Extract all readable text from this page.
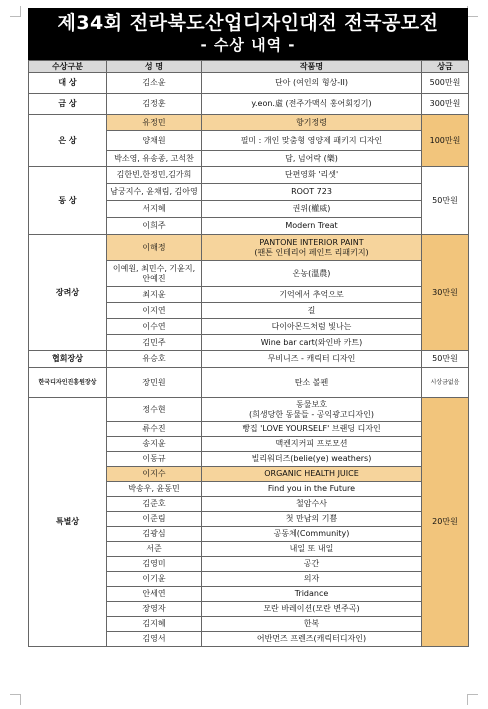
제34회 전라북도산업디자인대전 전국공모전
- 수상 내역 -
수상구분	성 명	작품명	상금
대 상	김소윤	단아 (여인의 형상-II)	500만원
금 상	김정훈	y.eon.虛 (전주가맥식 홍어회킹기)	300만원
은 상	유정민	향기정령	100만원
	양채원	필미 : 개인 맞춤형 영양제 패키지 디자인	
	박소영, 유송종, 고석찬	담, 넘어락 (樂)	
동 상	김한빈,한정민,김가희	단편영화 '리셋'	50만원
	남궁지수, 윤채림, 김아영	ROOT 723	
	서지혜	권위(權威)	
	이희주	Modern Treat	
장려상	이해정	PANTONE INTERIOR PAINT
(팬톤 인테리어 페인트 리패키지)	30만원
	이예원, 최민수, 기윤지, 안예진	온농(溫農)	
	최지윤	기억에서 추억으로	
	이지연	길	
	이수연	다이아몬드처럼 빛나는	
	김민주	Wine bar cart(와인바 카트)	
협회장상	유승호	무비니즈 - 캐릭터 디자인	50만원
한국디자인진흥원장상	장민원	탄소 볼펜	시상금없음
특별상	정수현	동물보호
(희생당한 동물들 - 공익광고디자인)	20만원
	류수진	빵집 'LOVE YOURSELF' 브랜딩 디자인	
	송지윤	맥켄지커피 프로모션	
	이동규	빌리워더즈(belie(ye) weathers)	
	이지수	ORGANIC HEALTH JUICE	
	박송우, 윤동민	Find you in the Future	
	김준호	철암수사	
	이준림	첫 만남의 기쁨	
	김광심	공동체(Community)	
	서준	내일 또 내일	
	김영미	공간	
	이기윤	의자	
	안세연	Tridance	
	장영자	모란 바레이션(모란 변주곡)	
	김지혜	한복	
	김영서	어반먼즈 프렌즈(캐릭터디자인)	
